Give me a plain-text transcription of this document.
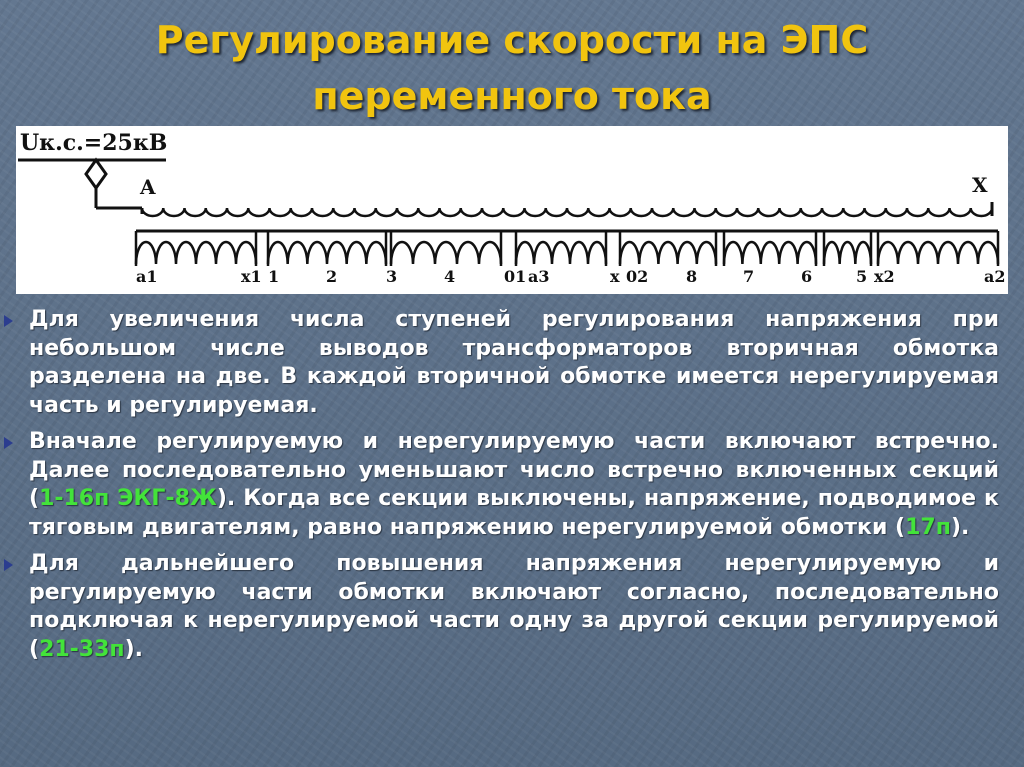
Регулирование скорости на ЭПС
переменного тока
Uк.с.=25кВ
A	X
a1	x1 1	2	3	4	01 a3	x 02 8	7	6	5 x2	a2
Для увеличения числа ступеней регулирования напряжения при небольшом числе выводов трансформаторов вторичная обмотка разделена на две. В каждой вторичной обмотке имеется нерегулируемая часть и регулируемая.
Вначале регулируемую и нерегулируемую части включают встречно. Далее последовательно уменьшают число встречно включенных секций (1-16п ЭКГ-8Ж). Когда все секции выключены, напряжение, подводимое к тяговым двигателям, равно напряжению нерегулируемой обмотки (17п).
Для дальнейшего повышения напряжения нерегулируемую и регулируемую части обмотки включают согласно, последовательно подключая к нерегулируемой части одну за другой секции регулируемой (21-33п).
